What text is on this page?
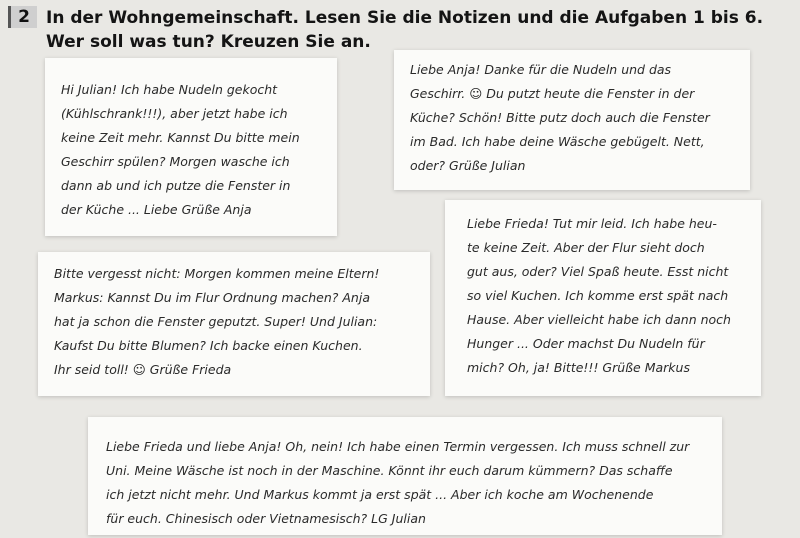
2 In der Wohngemeinschaft. Lesen Sie die Notizen und die Aufgaben 1 bis 6.
Wer soll was tun? Kreuzen Sie an.
Hi Julian! Ich habe Nudeln gekocht
(Kühlschrank!!!), aber jetzt habe ich
keine Zeit mehr. Kannst Du bitte mein
Geschirr spülen? Morgen wasche ich
dann ab und ich putze die Fenster in
der Küche ... Liebe Grüße Anja
Liebe Anja! Danke für die Nudeln und das
Geschirr. ☺ Du putzt heute die Fenster in der
Küche? Schön! Bitte putz doch auch die Fenster
im Bad. Ich habe deine Wäsche gebügelt. Nett,
oder? Grüße Julian
Liebe Frieda! Tut mir leid. Ich habe heu-
te keine Zeit. Aber der Flur sieht doch
gut aus, oder? Viel Spaß heute. Esst nicht
so viel Kuchen. Ich komme erst spät nach
Hause. Aber vielleicht habe ich dann noch
Hunger ... Oder machst Du Nudeln für
mich? Oh, ja! Bitte!!! Grüße Markus
Bitte vergesst nicht: Morgen kommen meine Eltern!
Markus: Kannst Du im Flur Ordnung machen? Anja
hat ja schon die Fenster geputzt. Super! Und Julian:
Kaufst Du bitte Blumen? Ich backe einen Kuchen.
Ihr seid toll! ☺ Grüße Frieda
Liebe Frieda und liebe Anja! Oh, nein! Ich habe einen Termin vergessen. Ich muss schnell zur
Uni. Meine Wäsche ist noch in der Maschine. Könnt ihr euch darum kümmern? Das schaffe
ich jetzt nicht mehr. Und Markus kommt ja erst spät ... Aber ich koche am Wochenende
für euch. Chinesisch oder Vietnamesisch? LG Julian
